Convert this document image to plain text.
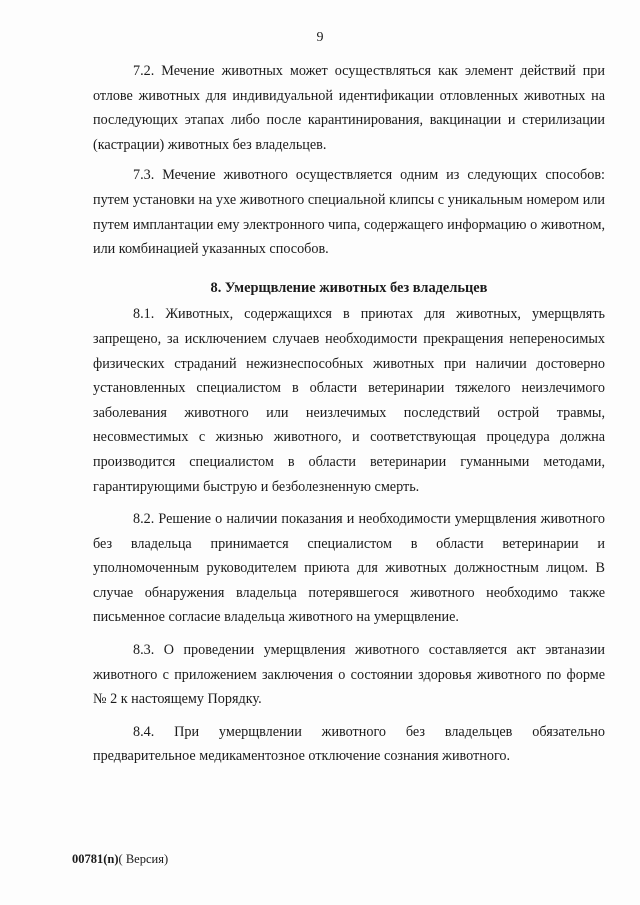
9

7.2. Мечение животных может осуществляться как элемент действий при отлове животных для индивидуальной идентификации отловленных животных на последующих этапах либо после карантинирования, вакцинации и стерилизации (кастрации) животных без владельцев.

7.3. Мечение животного осуществляется одним из следующих способов: путем установки на ухе животного специальной клипсы с уникальным номером или путем имплантации ему электронного чипа, содержащего информацию о животном, или комбинацией указанных способов.

8. Умерщвление животных без владельцев

8.1. Животных, содержащихся в приютах для животных, умерщвлять запрещено, за исключением случаев необходимости прекращения непереносимых физических страданий нежизнеспособных животных при наличии достоверно установленных специалистом в области ветеринарии тяжелого неизлечимого заболевания животного или неизлечимых последствий острой травмы, несовместимых с жизнью животного, и соответствующая процедура должна производится специалистом в области ветеринарии гуманными методами, гарантирующими быструю и безболезненную смерть.

8.2. Решение о наличии показания и необходимости умерщвления животного без владельца принимается специалистом в области ветеринарии и уполномоченным руководителем приюта для животных должностным лицом. В случае обнаружения владельца потерявшегося животного необходимо также письменное согласие владельца животного на умерщвление.

8.3. О проведении умерщвления животного составляется акт эвтаназии животного с приложением заключения о состоянии здоровья животного по форме № 2 к настоящему Порядку.

8.4. При умерщвлении животного без владельцев обязательно предварительное медикаментозное отключение сознания животного.

00781(n)( Версия)
